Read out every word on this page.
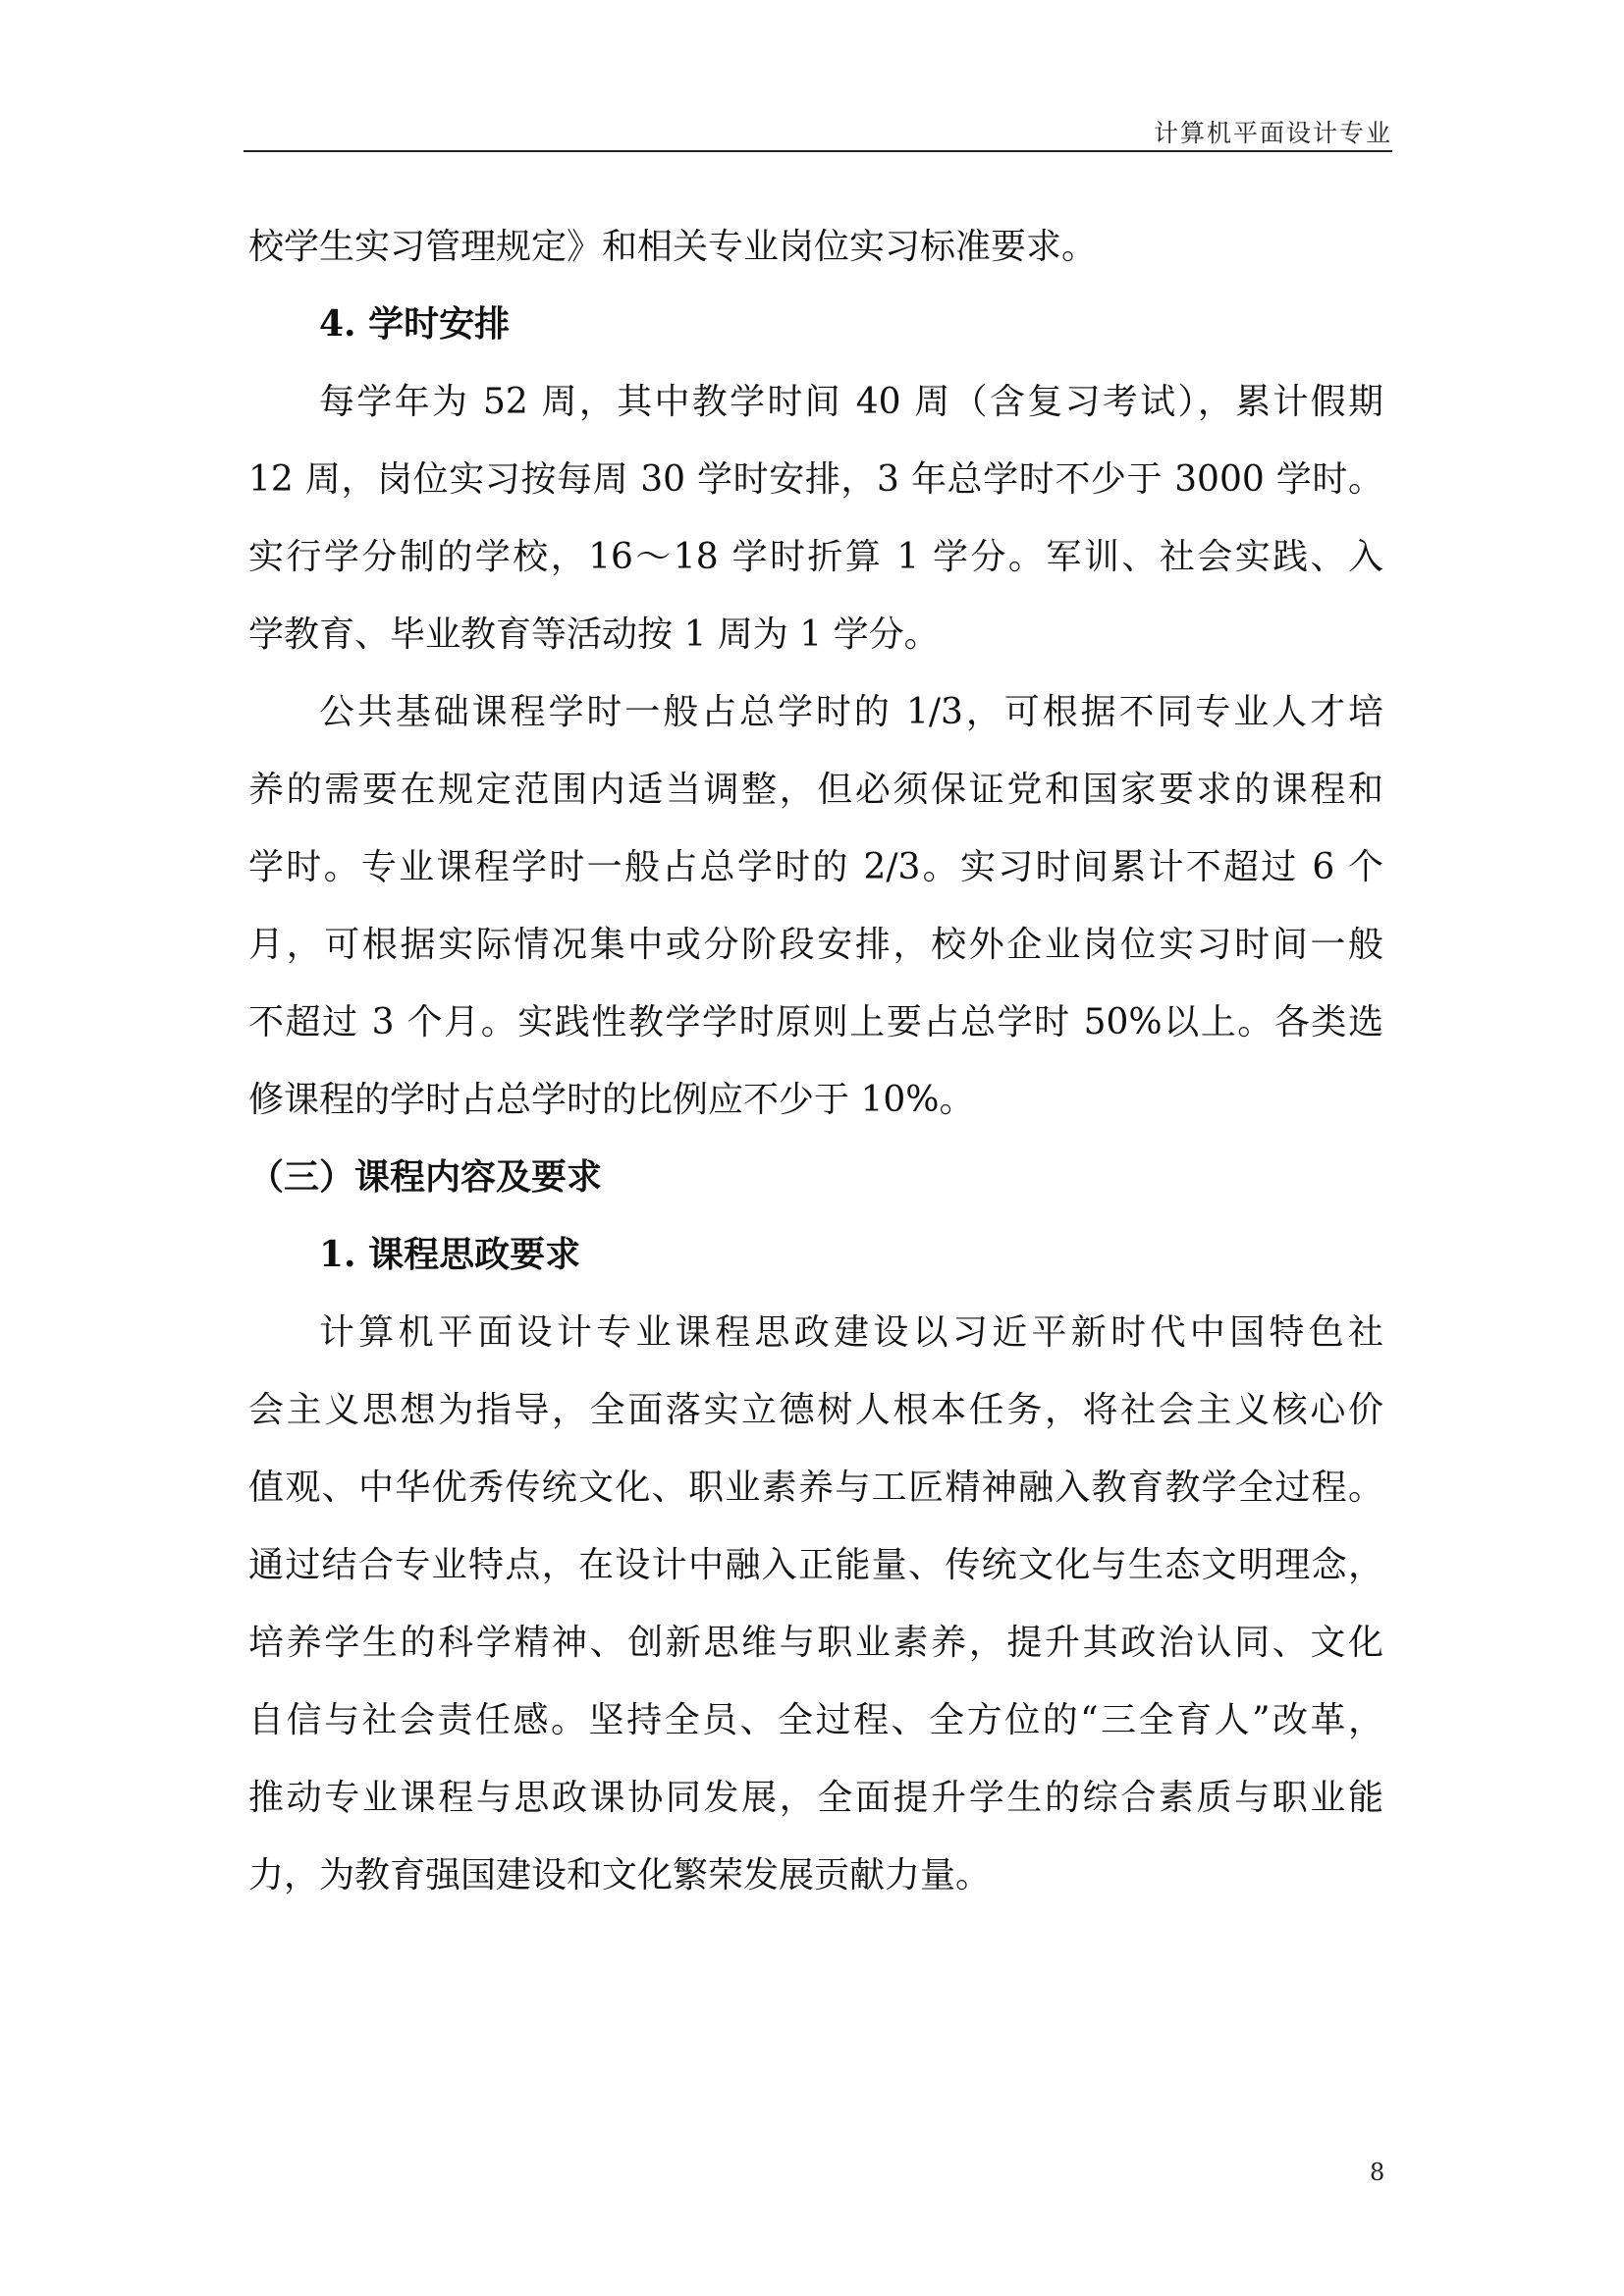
计算机平面设计专业
校学生实习管理规定》和相关专业岗位实习标准要求。
4. 学时安排
每学年为 52 周，其中教学时间 40 周（含复习考试），累计假期
12 周，岗位实习按每周 30 学时安排，3 年总学时不少于 3000 学时。
实行学分制的学校，16～18 学时折算 1 学分。军训、社会实践、入
学教育、毕业教育等活动按 1 周为 1 学分。
公共基础课程学时一般占总学时的 1/3，可根据不同专业人才培
养的需要在规定范围内适当调整，但必须保证党和国家要求的课程和
学时。专业课程学时一般占总学时的 2/3。实习时间累计不超过 6 个
月，可根据实际情况集中或分阶段安排，校外企业岗位实习时间一般
不超过 3 个月。实践性教学学时原则上要占总学时 50%以上。各类选
修课程的学时占总学时的比例应不少于 10%。
（三）课程内容及要求
1. 课程思政要求
计算机平面设计专业课程思政建设以习近平新时代中国特色社
会主义思想为指导，全面落实立德树人根本任务，将社会主义核心价
值观、中华优秀传统文化、职业素养与工匠精神融入教育教学全过程。
通过结合专业特点，在设计中融入正能量、传统文化与生态文明理念，
培养学生的科学精神、创新思维与职业素养，提升其政治认同、文化
自信与社会责任感。坚持全员、全过程、全方位的“三全育人”改革，
推动专业课程与思政课协同发展，全面提升学生的综合素质与职业能
力，为教育强国建设和文化繁荣发展贡献力量。
8
